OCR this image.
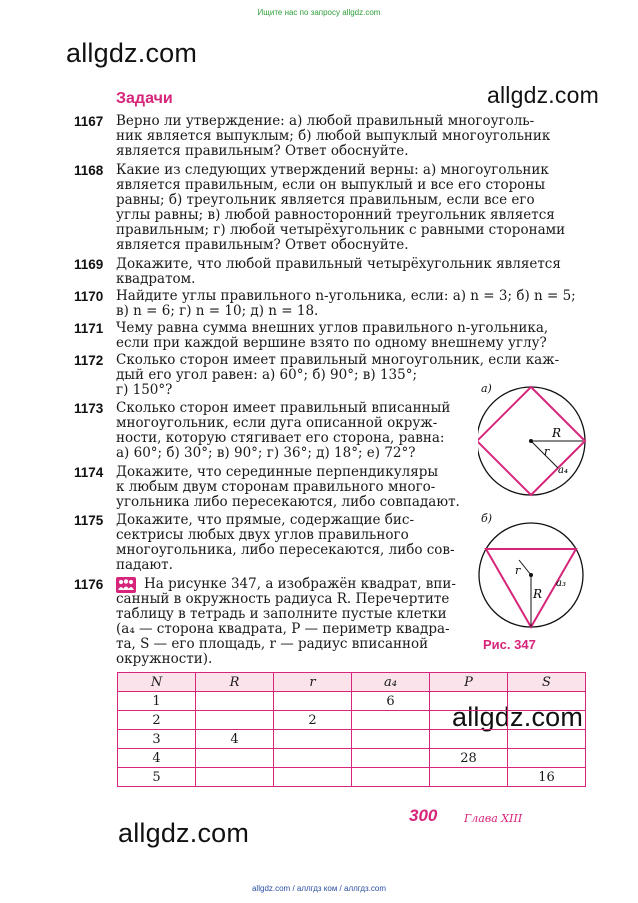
Ищите нас по запросу allgdz.com
allgdz.com
allgdz.com
allgdz.com
allgdz.com
Задачи
1167 Верно ли утверждение: а) любой правильный многоуголь-
ник является выпуклым; б) любой выпуклый многоугольник
является правильным? Ответ обоснуйте.
1168 Какие из следующих утверждений верны: а) многоугольник
является правильным, если он выпуклый и все его стороны
равны; б) треугольник является правильным, если все его
углы равны; в) любой равносторонний треугольник является
правильным; г) любой четырёхугольник с равными сторонами
является правильным? Ответ обоснуйте.
1169 Докажите, что любой правильный четырёхугольник является
квадратом.
1170 Найдите углы правильного n-угольника, если: а) n = 3; б) n = 5;
в) n = 6; г) n = 10; д) n = 18.
1171 Чему равна сумма внешних углов правильного n-угольника,
если при каждой вершине взято по одному внешнему углу?
1172 Сколько сторон имеет правильный многоугольник, если каж-
дый его угол равен: а) 60°; б) 90°; в) 135°;
г) 150°?
1173 Сколько сторон имеет правильный вписанный
многоугольник, если дуга описанной окруж-
ности, которую стягивает его сторона, равна:
а) 60°; б) 30°; в) 90°; г) 36°; д) 18°; е) 72°?
1174 Докажите, что серединные перпендикуляры
к любым двум сторонам правильного много-
угольника либо пересекаются, либо совпадают.
1175 Докажите, что прямые, содержащие бис-
сектрисы любых двух углов правильного
многоугольника, либо пересекаются, либо сов-
падают.
1176	На рисунке 347, а изображён квадрат, впи-
санный в окружность радиуса R. Перечертите
таблицу в тетрадь и заполните пустые клетки
(a₄ — сторона квадрата, P — периметр квадра-
та, S — его площадь, r — радиус вписанной
окружности).
а)
R
r
a₄
б)
r
R
a₃
Рис. 347
N	R	r	a₄	P	S
1			6		
2		2			
3	4				
4				28	
5					16
300 Глава XIII
allgdz.com / аллгдз ком / аллгдз.com
